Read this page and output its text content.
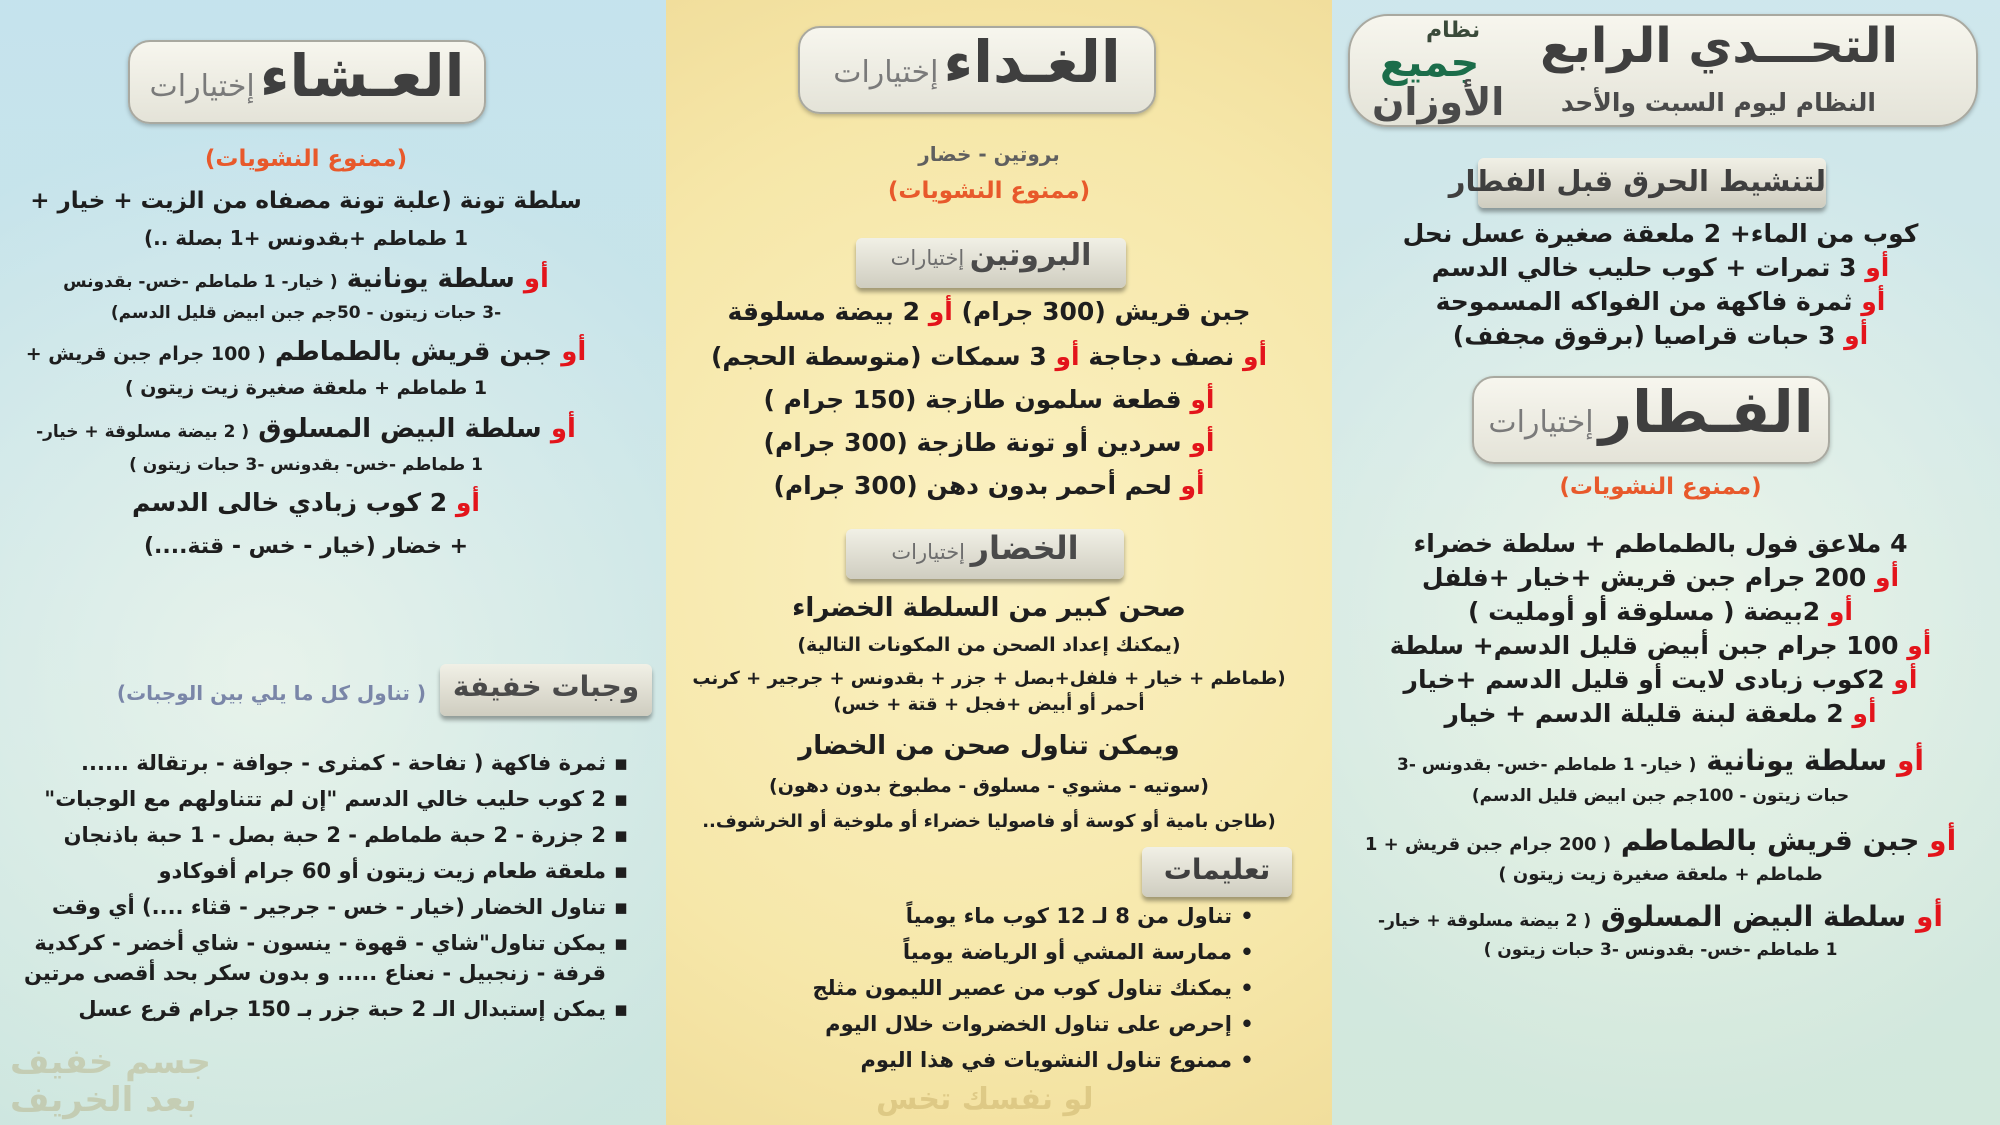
التحـــدي الرابع
النظام ليوم السبت والأحد
نظام
جميع
الأوزان
لتنشيط الحرق قبل الفطار
كوب من الماء+ 2 ملعقة صغيرة عسل نحل
أو 3 تمرات + كوب حليب خالي الدسم
أو ثمرة فاكهة من الفواكه المسموحة
أو 3 حبات قراصيا (برقوق مجفف)
الفـطار إختيارات
(ممنوع النشويات)
4 ملاعق فول بالطماطم + سلطة خضراء
أو 200 جرام جبن قريش +خيار +فلفل
أو 2بيضة ( مسلوقة أو أومليت )
أو 100 جرام جبن أبيض قليل الدسم+ سلطة
أو 2كوب زبادى لايت أو قليل الدسم +خيار
أو 2 ملعقة لبنة قليلة الدسم + خيار
أو سلطة يونانية ( خيار- 1 طماطم -خس- بقدونس -3
حبات زيتون - 100جم جبن ابيض قليل الدسم)
أو جبن قريش بالطماطم ( 200 جرام جبن قريش + 1
طماطم + ملعقة صغيرة زيت زيتون )
أو سلطة البيض المسلوق ( 2 بيضة مسلوقة + خيار-
1 طماطم -خس- بقدونس -3 حبات زيتون )
الغـداء إختيارات
بروتين - خضار
(ممنوع النشويات)
البروتين إختيارات
جبن قريش (300 جرام) أو 2 بيضة مسلوقة
أو نصف دجاجة أو 3 سمكات (متوسطة الحجم)
أو قطعة سلمون طازجة (150 جرام )
أو سردين أو تونة طازجة (300 جرام)
أو لحم أحمر بدون دهن (300 جرام)
الخضار إختيارات
صحن كبير من السلطة الخضراء
(يمكنك إعداد الصحن من المكونات التالية)
(طماطم + خيار + فلفل+بصل + جزر + بقدونس + جرجير + كرنب
أحمر أو أبيض +فجل + قتة + خس)
ويمكن تناول صحن من الخضار
(سوتيه - مشوي - مسلوق - مطبوخ بدون دهون)
(طاجن بامية أو كوسة أو فاصوليا خضراء أو ملوخية أو الخرشوف..
تعليمات
•تناول من 8 لـ 12 كوب ماء يومياً
•ممارسة المشي أو الرياضة يومياً
•يمكنك تناول كوب من عصير الليمون مثلج
•إحرص على تناول الخضروات خلال اليوم
•ممنوع تناول النشويات في هذا اليوم
لو نفسك تخس
العـشاء إختيارات
(ممنوع النشويات)
سلطة تونة (علبة تونة مصفاه من الزيت + خيار +
1 طماطم +بقدونس +1 بصلة ..)
أو سلطة يونانية ( خيار- 1 طماطم -خس- بقدونس
-3 حبات زيتون - 50جم جبن ابيض قليل الدسم)
أو جبن قريش بالطماطم ( 100 جرام جبن قريش +
1 طماطم + ملعقة صغيرة زيت زيتون )
أو سلطة البيض المسلوق ( 2 بيضة مسلوقة + خيار-
1 طماطم -خس- بقدونس -3 حبات زيتون )
أو 2 كوب زبادي خالى الدسم
+ خضار (خيار - خس - قتة....)
وجبات خفيفة
( تناول كل ما يلي بين الوجبات)
▪ثمرة فاكهة ( تفاحة - كمثرى - جوافة - برتقالة ......
▪2 كوب حليب خالي الدسم "إن لم تتناولهم مع الوجبات"
▪2 جزرة - 2 حبة طماطم - 2 حبة بصل - 1 حبة باذنجان
▪ملعقة طعام زيت زيتون أو 60 جرام أفوكادو
▪تناول الخضار (خيار - خس - جرجير - قثاء ....) أي وقت
▪يمكن تناول"شاي - قهوة - ينسون - شاي أخضر - كركدية
قرفة - زنجبيل - نعناع ..... و بدون سكر بحد أقصى مرتين
▪يمكن إستبدال الـ 2 حبة جزر بـ 150 جرام قرع عسل
جسم خفيف
بعد الخريف
